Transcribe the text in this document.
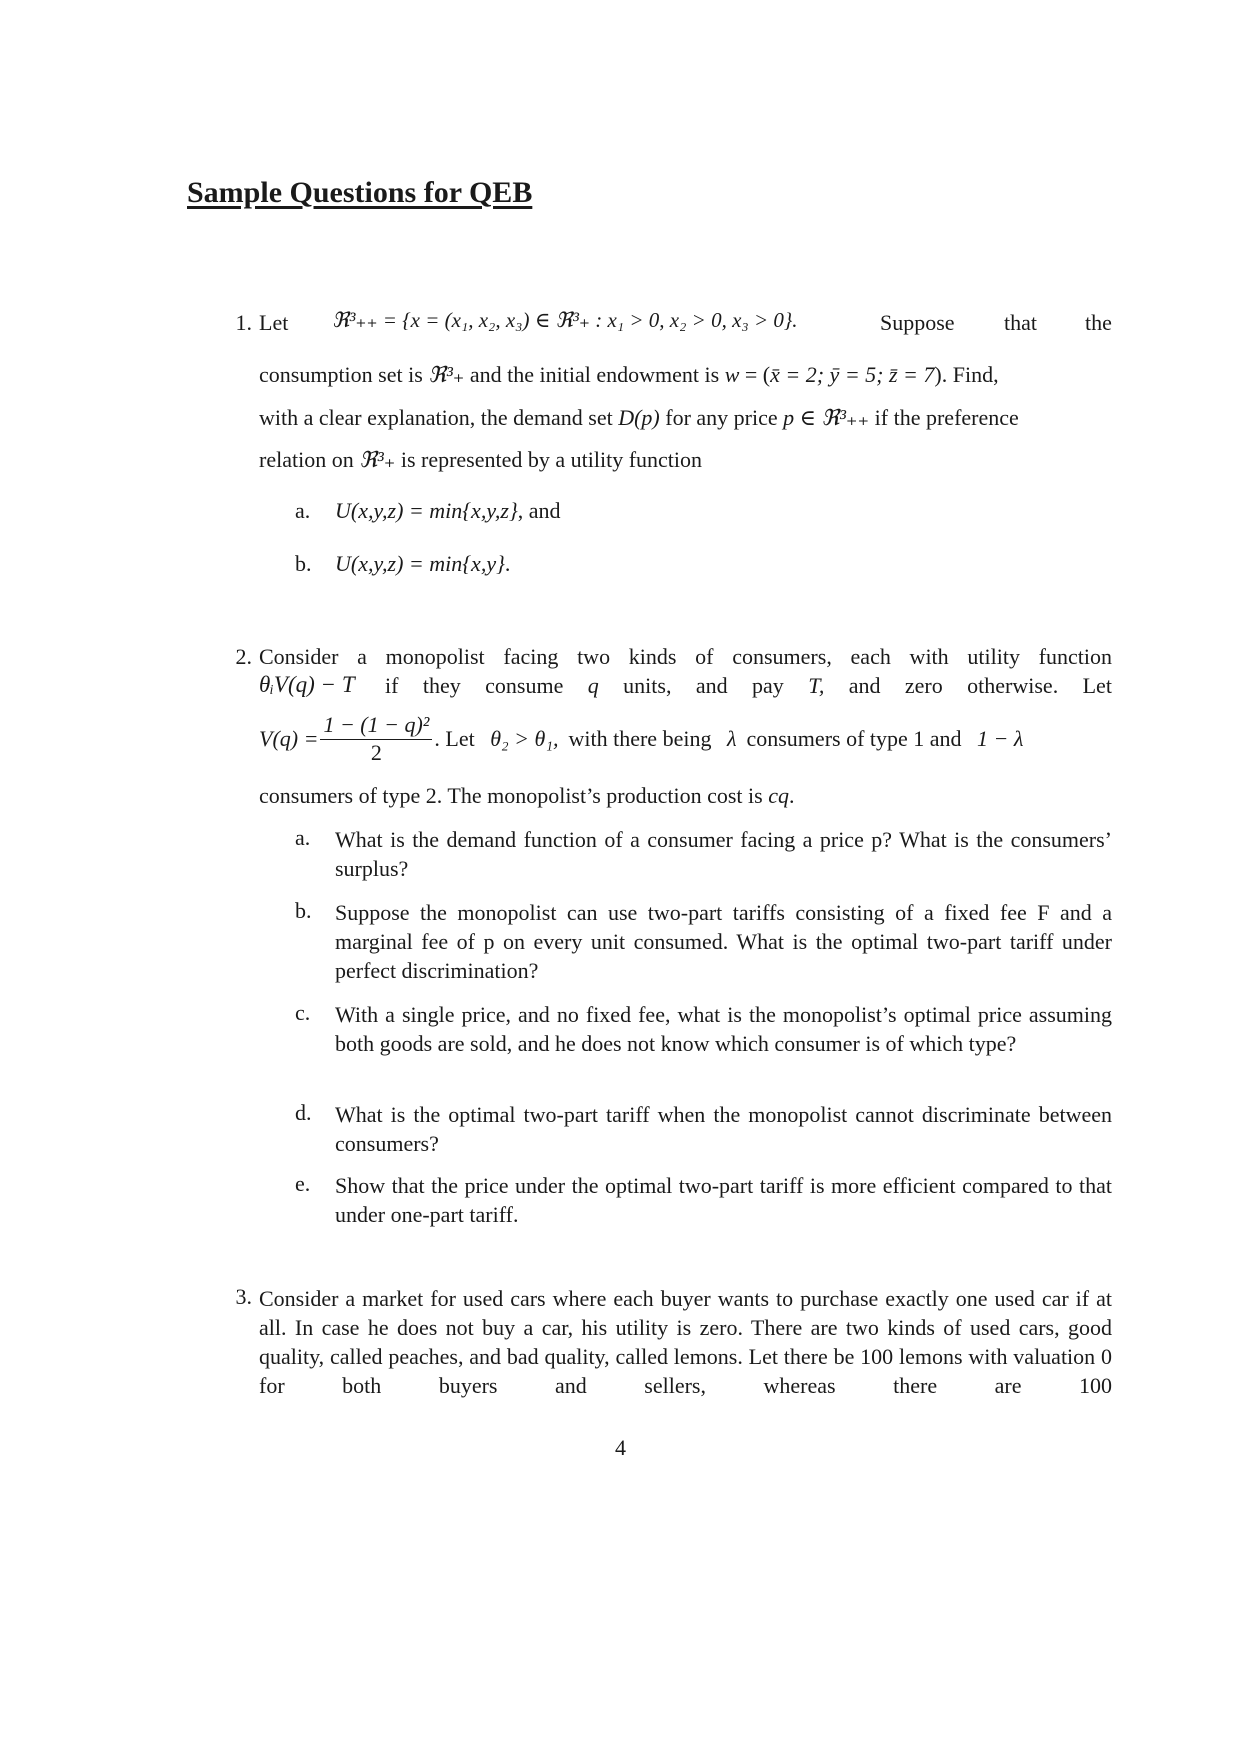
Sample Questions for QEB
1. Let ℜ³₊₊ = {x = (x₁, x₂, x₃) ∈ ℜ³₊ : x₁ > 0, x₂ > 0, x₃ > 0}.	Suppose that the
consumption set is ℜ³₊ and the initial endowment is w = (x̄ = 2; ȳ = 5; z̄ = 7). Find,
with a clear explanation, the demand set D(p) for any price p ∈ ℜ³₊₊ if the preference
relation on ℜ³₊ is represented by a utility function
a. U(x,y,z) = min{x,y,z}, and
b. U(x,y,z) = min{x,y}.
2. Consider a monopolist facing two kinds of consumers, each with utility function
θᵢV(q) − T if they consume q units, and pay T, and zero otherwise. Let
$V(q) = \frac{\text{1 − (1 − q)²}}{2}$ . Let
θ₂ > θ₁, with there being
λ consumers of type 1 and
1 − λ
consumers of type 2. The monopolist’s production cost is cq.
a. What is the demand function of a consumer facing a price p? What is the consumers’ surplus?
b. Suppose the monopolist can use two-part tariffs consisting of a fixed fee F and a marginal fee of p on every unit consumed. What is the optimal two-part tariff under perfect discrimination?
c. With a single price, and no fixed fee, what is the monopolist’s optimal price assuming both goods are sold, and he does not know which consumer is of which type?
d. What is the optimal two-part tariff when the monopolist cannot discriminate between consumers?
e. Show that the price under the optimal two-part tariff is more efficient compared to that under one-part tariff.
3. Consider a market for used cars where each buyer wants to purchase exactly one used car if at all. In case he does not buy a car, his utility is zero. There are two kinds of used cars, good quality, called peaches, and bad quality, called lemons. Let there be 100 lemons with valuation 0 for both buyers and sellers, whereas there are 100
4
